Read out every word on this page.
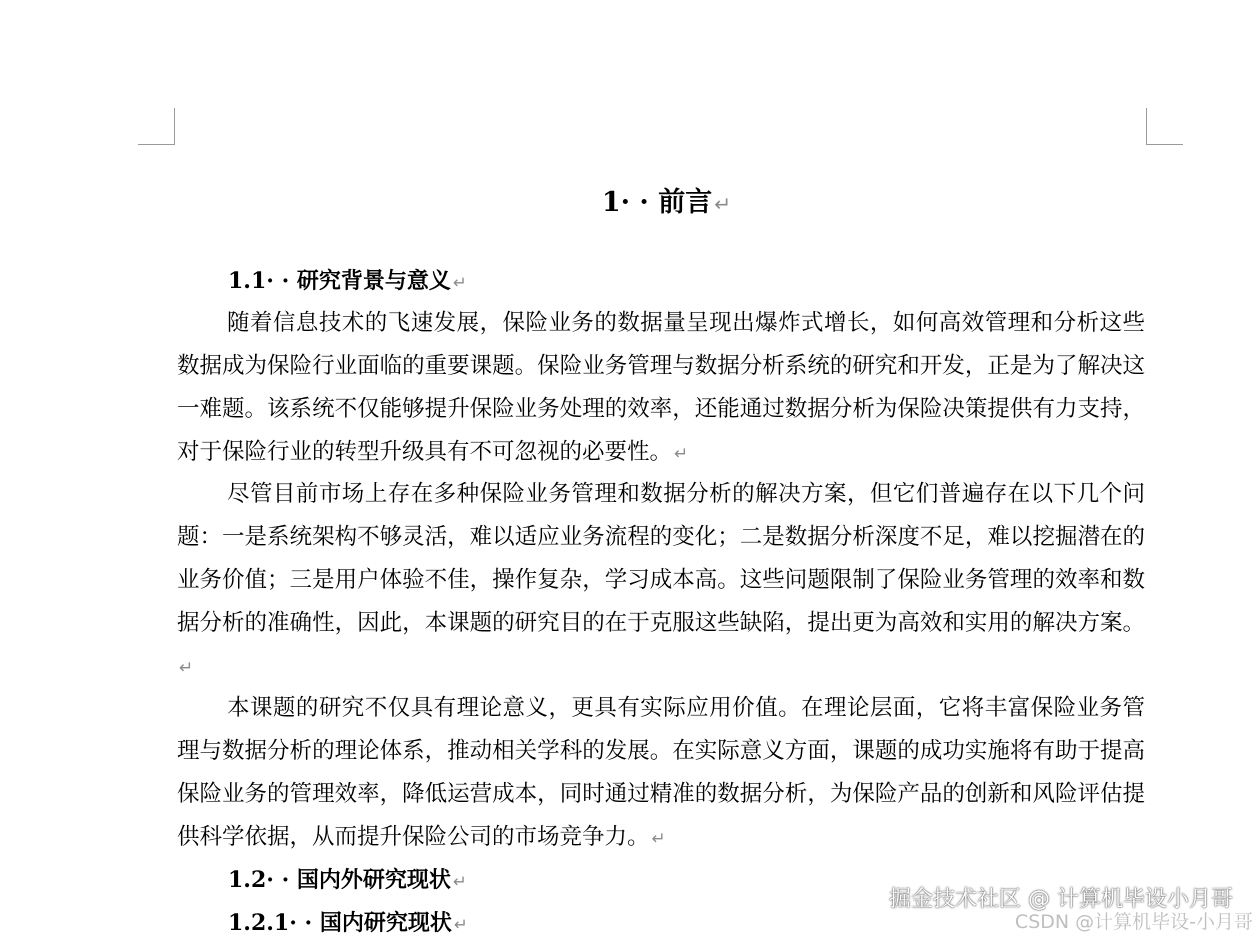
1· · 前言↵
1.1· · 研究背景与意义 ↵

随着信息技术的飞速发展，保险业务的数据量呈现出爆炸式增长，如何高效管理和分析这些数据成为保险行业面临的重要课题。保险业务管理与数据分析系统的研究和开发，正是为了解决这一难题。该系统不仅能够提升保险业务处理的效率，还能通过数据分析为保险决策提供有力支持，对于保险行业的转型升级具有不可忽视的必要性。 ↵

尽管目前市场上存在多种保险业务管理和数据分析的解决方案，但它们普遍存在以下几个问题：一是系统架构不够灵活，难以适应业务流程的变化；二是数据分析深度不足，难以挖掘潜在的业务价值；三是用户体验不佳，操作复杂，学习成本高。这些问题限制了保险业务管理的效率和数据分析的准确性，因此，本课题的研究目的在于克服这些缺陷，提出更为高效和实用的解决方案。↵

本课题的研究不仅具有理论意义，更具有实际应用价值。在理论层面，它将丰富保险业务管理与数据分析的理论体系，推动相关学科的发展。在实际意义方面，课题的成功实施将有助于提高保险业务的管理效率，降低运营成本，同时通过精准的数据分析，为保险产品的创新和风险评估提供科学依据，从而提升保险公司的市场竞争力。 ↵

1.2· · 国内外研究现状 ↵
1.2.1· · 国内研究现状 ↵
掘金技术社区 @ 计算机毕设小月哥
CSDN @计算机毕设-小月哥
